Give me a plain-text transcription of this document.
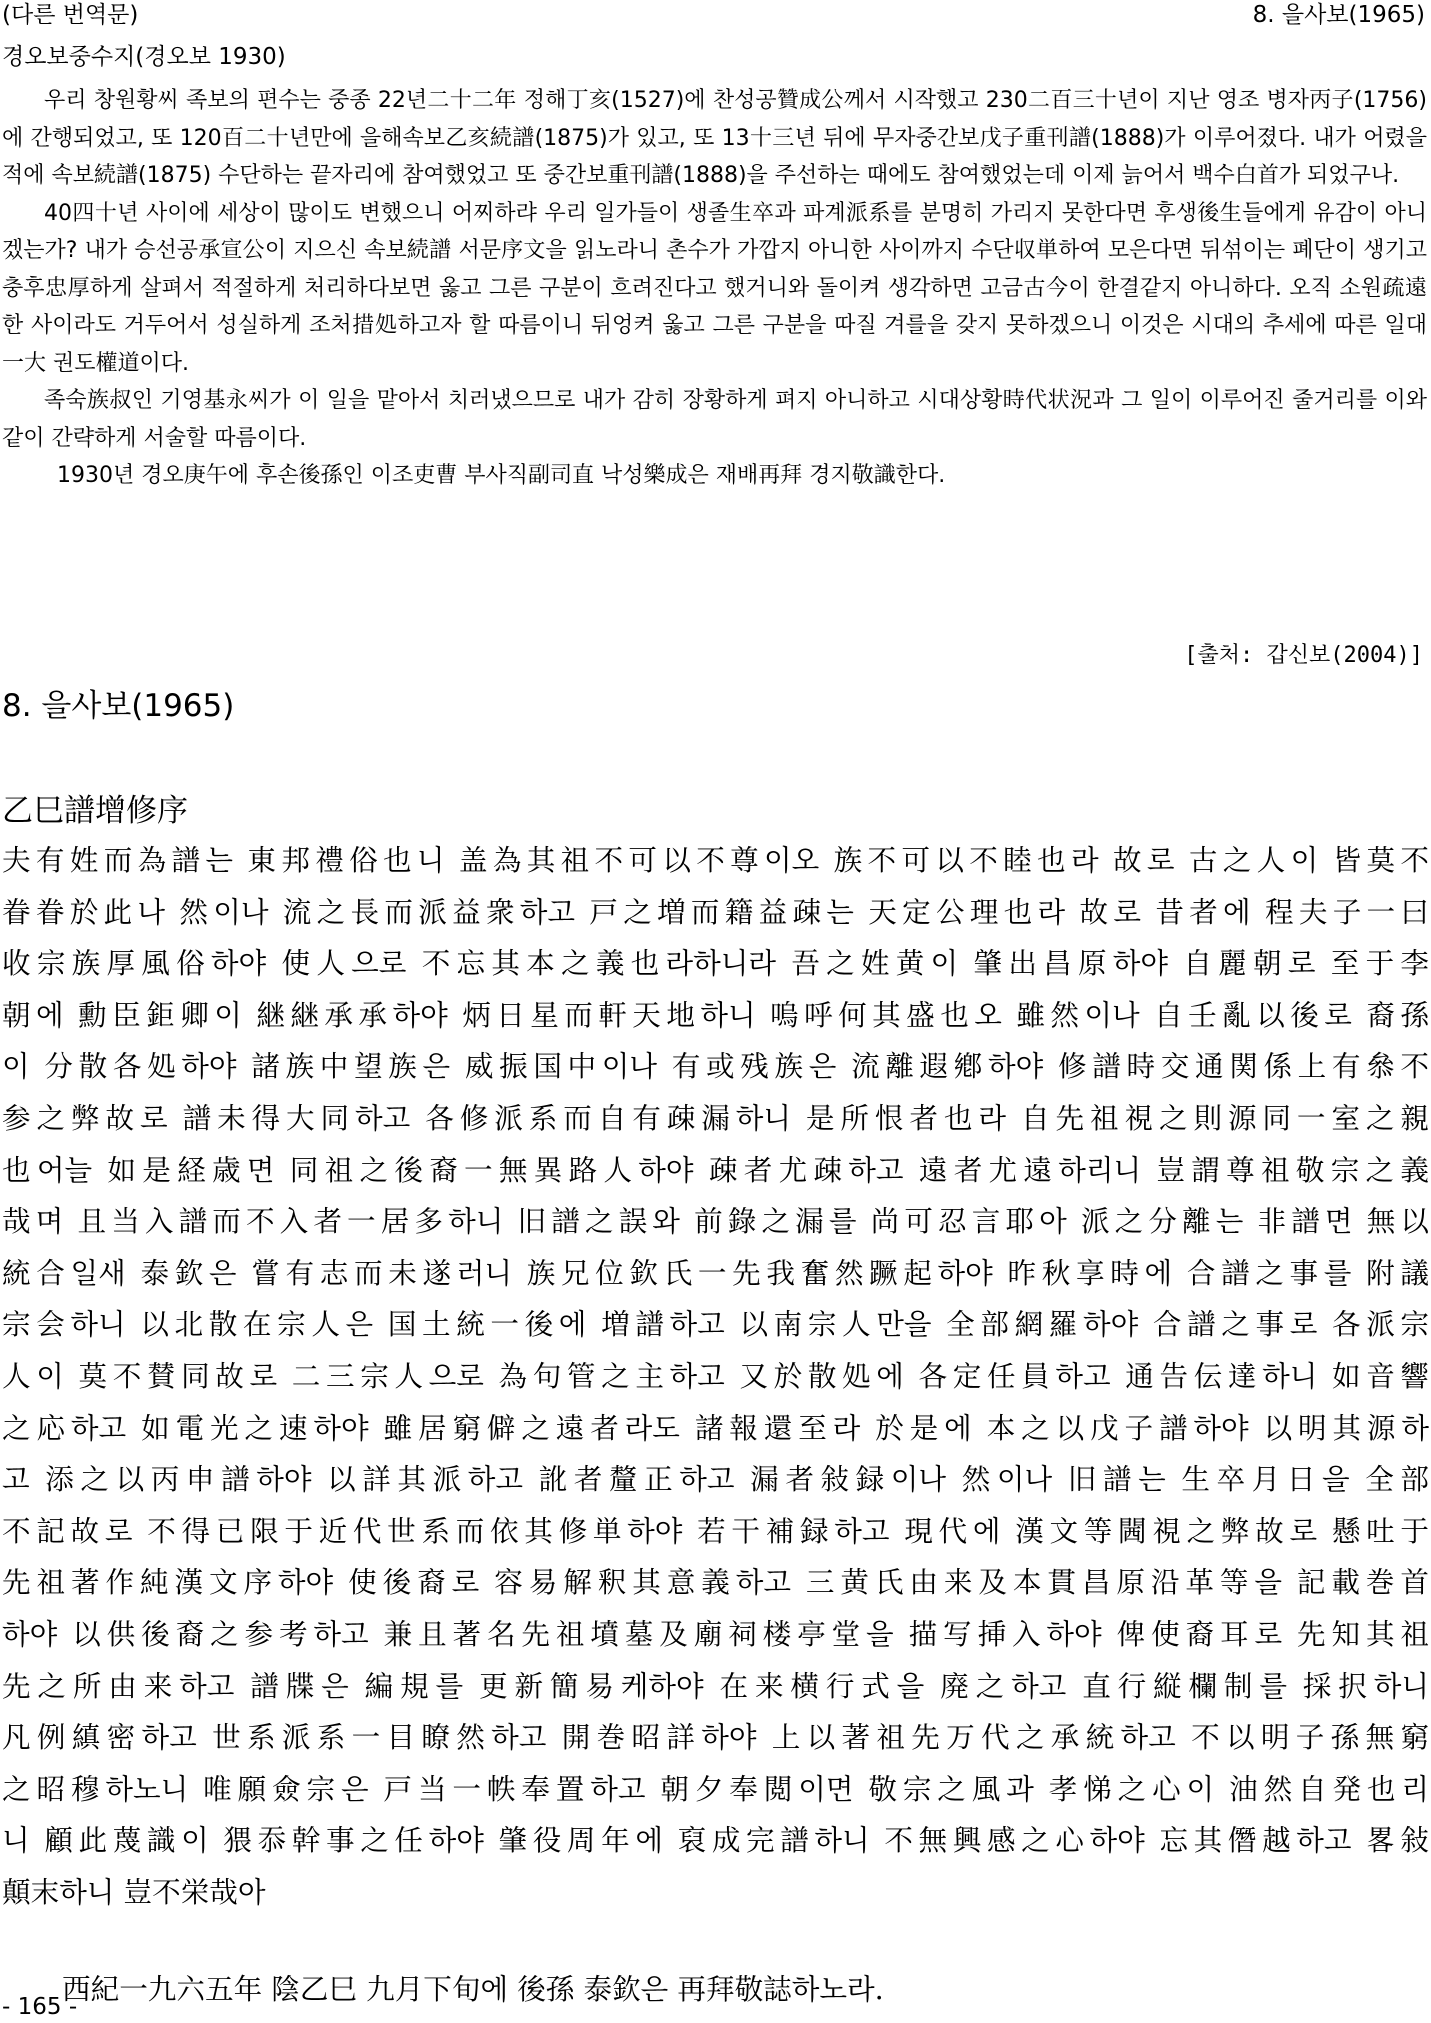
(다른 번역문)	8. 을사보(1965)
경오보중수지(경오보 1930)

우리 창원황씨 족보의 편수는 중종 22년二十二年 정해丁亥(1527)에 찬성공贊成公께서 시작했고 230二百三十년이 지난 영조 병자丙子(1756)에 간행되었고, 또 120百二十년만에 을해속보乙亥続譜(1875)가 있고, 또 13十三년 뒤에 무자중간보戊子重刊譜(1888)가 이루어졌다. 내가 어렸을 적에 속보続譜(1875) 수단하는 끝자리에 참여했었고 또 중간보重刊譜(1888)을 주선하는 때에도 참여했었는데 이제 늙어서 백수白首가 되었구나.

40四十년 사이에 세상이 많이도 변했으니 어찌하랴 우리 일가들이 생졸生卒과 파계派系를 분명히 가리지 못한다면 후생後生들에게 유감이 아니겠는가? 내가 승선공承宣公이 지으신 속보続譜 서문序文을 읽노라니 촌수가 가깝지 아니한 사이까지 수단収単하여 모은다면 뒤섞이는 폐단이 생기고 충후忠厚하게 살펴서 적절하게 처리하다보면 옳고 그른 구분이 흐려진다고 했거니와 돌이켜 생각하면 고금古今이 한결같지 아니하다. 오직 소원疏遠한 사이라도 거두어서 성실하게 조처措処하고자 할 따름이니 뒤엉켜 옳고 그른 구분을 따질 겨를을 갖지 못하겠으니 이것은 시대의 추세에 따른 일대一大 권도權道이다.

족숙族叔인 기영基永씨가 이 일을 맡아서 치러냈으므로 내가 감히 장황하게 펴지 아니하고 시대상황時代状況과 그 일이 이루어진 줄거리를 이와같이 간략하게 서술할 따름이다.

1930년 경오庚午에 후손後孫인 이조吏曹 부사직副司直 낙성樂成은 재배再拜 경지敬識한다.

[출처: 갑신보(2004)]
8. 을사보(1965)
乙巳譜增修序
夫有姓而為譜는 東邦禮俗也니 盖為其祖不可以不尊이오 族不可以不睦也라 故로 古之人이 皆莫不
眷眷於此나 然이나 流之長而派益衆하고 戸之増而籍益疎는 天定公理也라 故로 昔者에 程夫子一曰
收宗族厚風俗하야 使人으로 不忘其本之義也라하니라 吾之姓黄이 肇出昌原하야 自麗朝로 至于李
朝에 勳臣鉅卿이 継継承承하야 炳日星而軒天地하니 嗚呼何其盛也오 雖然이나 自壬亂以後로 裔孫
이 分散各処하야 諸族中望族은 威振国中이나 有或残族은 流離遐鄕하야 修譜時交通関係上有叅不
参之弊故로 譜未得大同하고 各修派系而自有疎漏하니 是所恨者也라 自先祖視之則源同一室之親
也어늘 如是経歳면 同祖之後裔一無異路人하야 疎者尤疎하고 遠者尤遠하리니 豈謂尊祖敬宗之義
哉며 且当入譜而不入者一居多하니 旧譜之誤와 前錄之漏를 尚可忍言耶아 派之分離는 非譜면 無以
統合일새 泰欽은 嘗有志而未遂러니 族兄位欽氏一先我奮然蹶起하야 昨秋享時에 合譜之事를 附議
宗会하니 以北散在宗人은 国土統一後에 増譜하고 以南宗人만을 全部網羅하야 合譜之事로 各派宗
人이 莫不賛同故로 二三宗人으로 為句管之主하고 又於散処에 各定任員하고 通告伝達하니 如音響
之応하고 如電光之速하야 雖居窮僻之遠者라도 諸報還至라 於是에 本之以戊子譜하야 以明其源하
고 添之以丙申譜하야 以詳其派하고 訛者釐正하고 漏者敍録이나 然이나 旧譜는 生卒月日을 全部
不記故로 不得已限于近代世系而依其修単하야 若干補録하고 現代에 漢文等閪視之弊故로 懸吐于
先祖著作純漢文序하야 使後裔로 容易解釈其意義하고 三黄氏由来及本貫昌原沿革等을 記載巻首
하야 以供後裔之参考하고 兼且著名先祖墳墓及廟祠楼亭堂을 描写挿入하야 俾使裔耳로 先知其祖
先之所由来하고 譜牒은 編規를 更新簡易케하야 在来横行式을 廃之하고 直行縦欄制를 採択하니
凡例縝密하고 世系派系一目瞭然하고 開巻昭詳하야 上以著祖先万代之承統하고 不以明子孫無窮
之昭穆하노니 唯願僉宗은 戸当一帙奉置하고 朝夕奉閲이면 敬宗之風과 孝悌之心이 油然自発也리
니 顧此蔑識이 猥忝幹事之任하야 肇役周年에 裒成完譜하니 不無興感之心하야 忘其僭越하고 畧敍
顛末하니 豈不栄哉아
西紀一九六五年 陰乙巳 九月下旬에 後孫 泰欽은 再拜敬誌하노라.
- 165 -
